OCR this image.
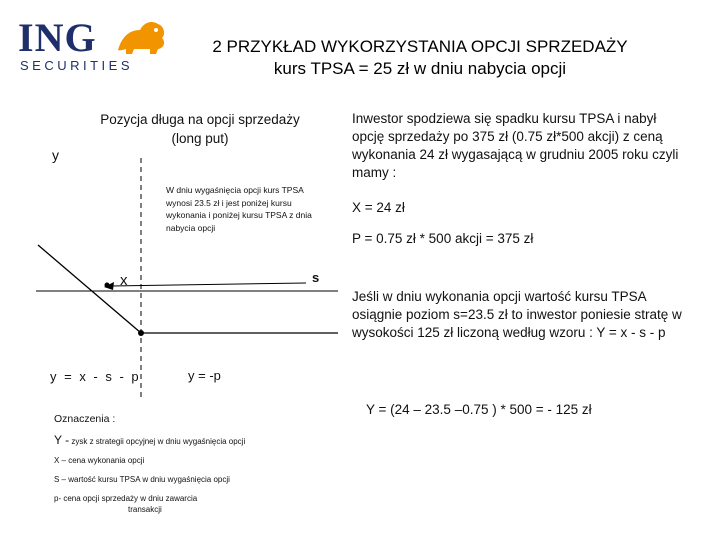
ING
SECURITIES
2 PRZYKŁAD WYKORZYSTANIA OPCJI SPRZEDAŻY
kurs TPSA = 25 zł w dniu nabycia opcji
Pozycja długa na opcji sprzedaży
(long put)
y
W dniu wygaśnięcia opcji kurs TPSA wynosi 23.5 zł i jest poniżej kursu wykonania i poniżej kursu TPSA z dnia nabycia opcji
x	s
y = x - s - p	y = -p
Oznaczenia :
Y - zysk z strategii opcyjnej w dniu wygaśnięcia opcji
X – cena wykonania opcji
S – wartość kursu TPSA w dniu wygaśnięcia opcji
p- cena opcji sprzedaży w dniu zawarcia
transakcji
Inwestor spodziewa się spadku kursu TPSA i nabył opcję sprzedaży po 375 zł (0.75 zł*500 akcji) z ceną wykonania 24 zł wygasającą w grudniu 2005 roku czyli mamy :
X = 24 zł
P = 0.75 zł * 500 akcji = 375 zł
Jeśli w dniu wykonania opcji wartość kursu TPSA osiągnie poziom s=23.5 zł to inwestor poniesie stratę w wysokości 125 zł liczoną według wzoru : Y = x - s - p
Y = (24 – 23.5 –0.75 ) * 500 = - 125 zł
